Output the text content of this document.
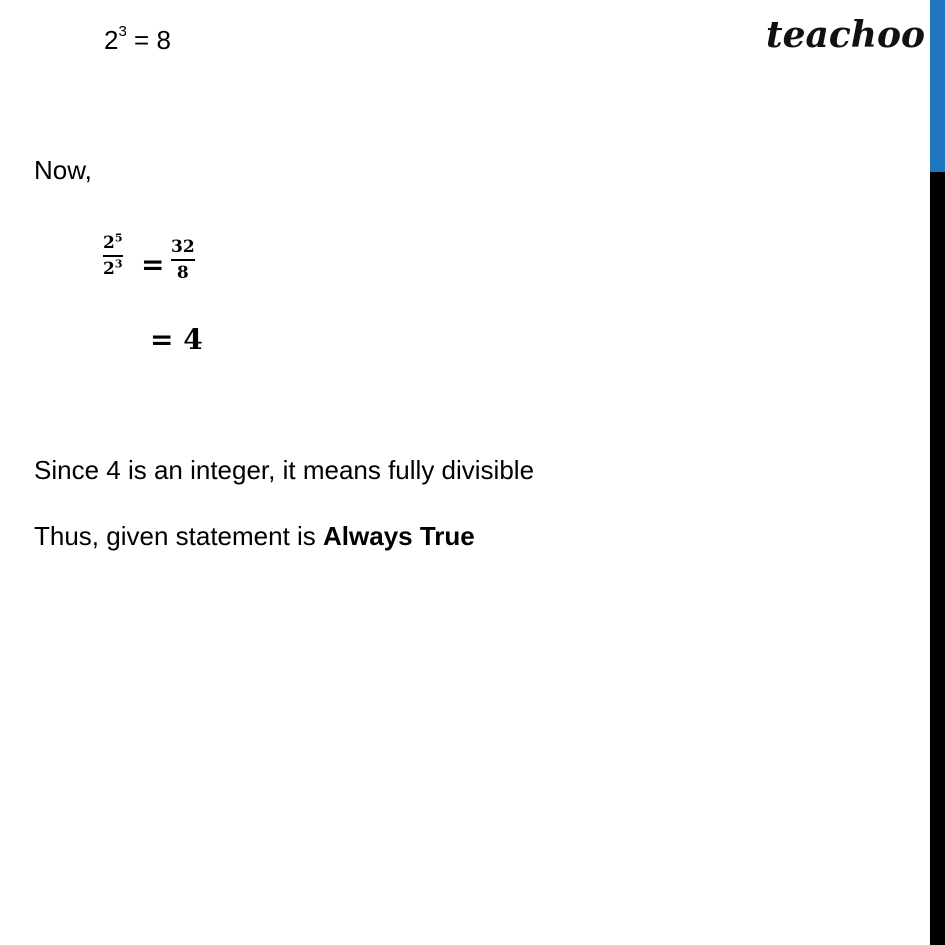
$2^3 = 8$	teachoo
Now,
$2^5$
$2^3$ =
32
8
= 4
Since 4 is an integer, it means fully divisible
Thus, given statement is Always True
